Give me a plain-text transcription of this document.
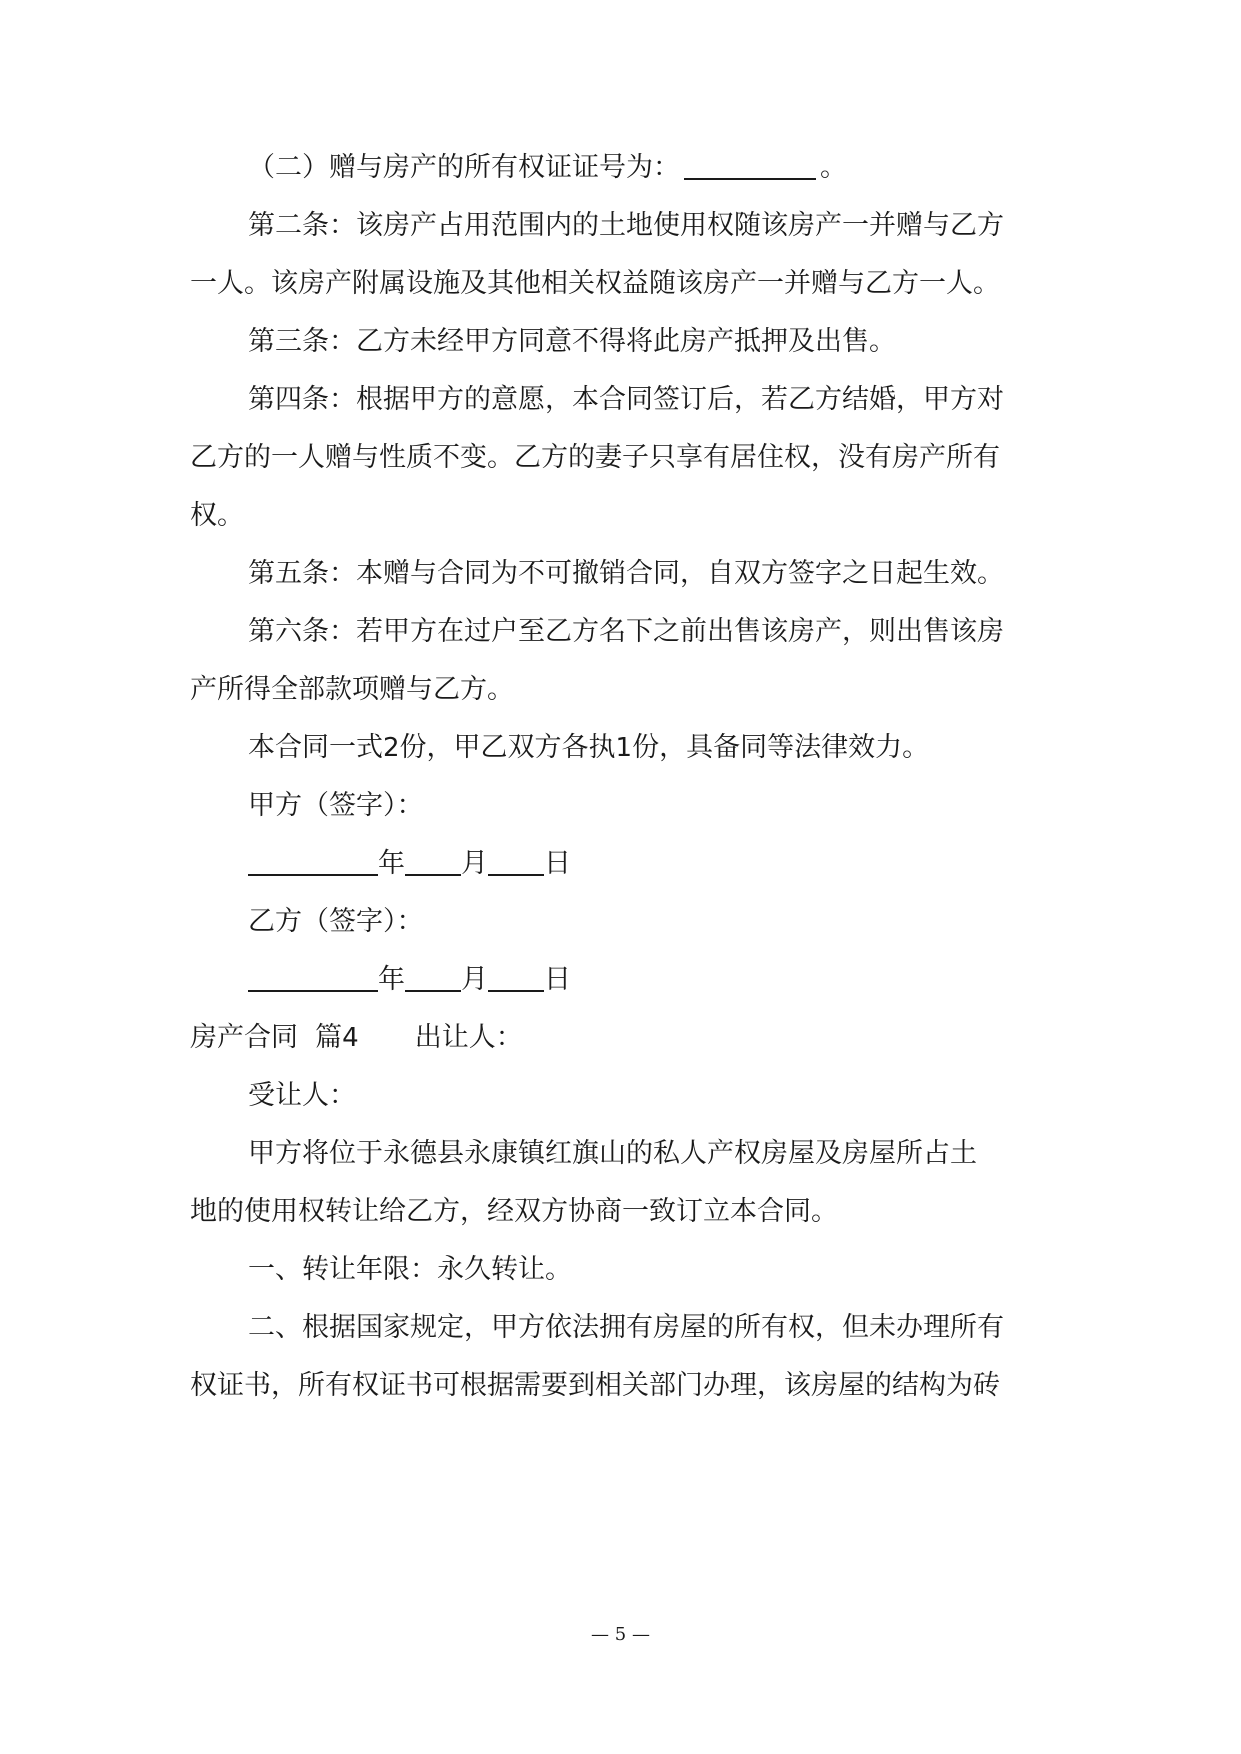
（二）赠与房产的所有权证证号为：	。
第二条：该房产占用范围内的土地使用权随该房产一并赠与乙方
一人。该房产附属设施及其他相关权益随该房产一并赠与乙方一人。
第三条：乙方未经甲方同意不得将此房产抵押及出售。
第四条：根据甲方的意愿，本合同签订后，若乙方结婚，甲方对
乙方的一人赠与性质不变。乙方的妻子只享有居住权，没有房产所有
权。
第五条：本赠与合同为不可撤销合同，自双方签字之日起生效。
第六条：若甲方在过户至乙方名下之前出售该房产，则出售该房
产所得全部款项赠与乙方。
本合同一式2份，甲乙双方各执1份，具备同等法律效力。
甲方（签字）：
年 月 日
乙方（签字）：
年 月 日
房产合同 篇4 出让人：
受让人：
甲方将位于永德县永康镇红旗山的私人产权房屋及房屋所占土
地的使用权转让给乙方，经双方协商一致订立本合同。
一、转让年限：永久转让。
二、根据国家规定，甲方依法拥有房屋的所有权，但未办理所有
权证书，所有权证书可根据需要到相关部门办理，该房屋的结构为砖
— 5 —
